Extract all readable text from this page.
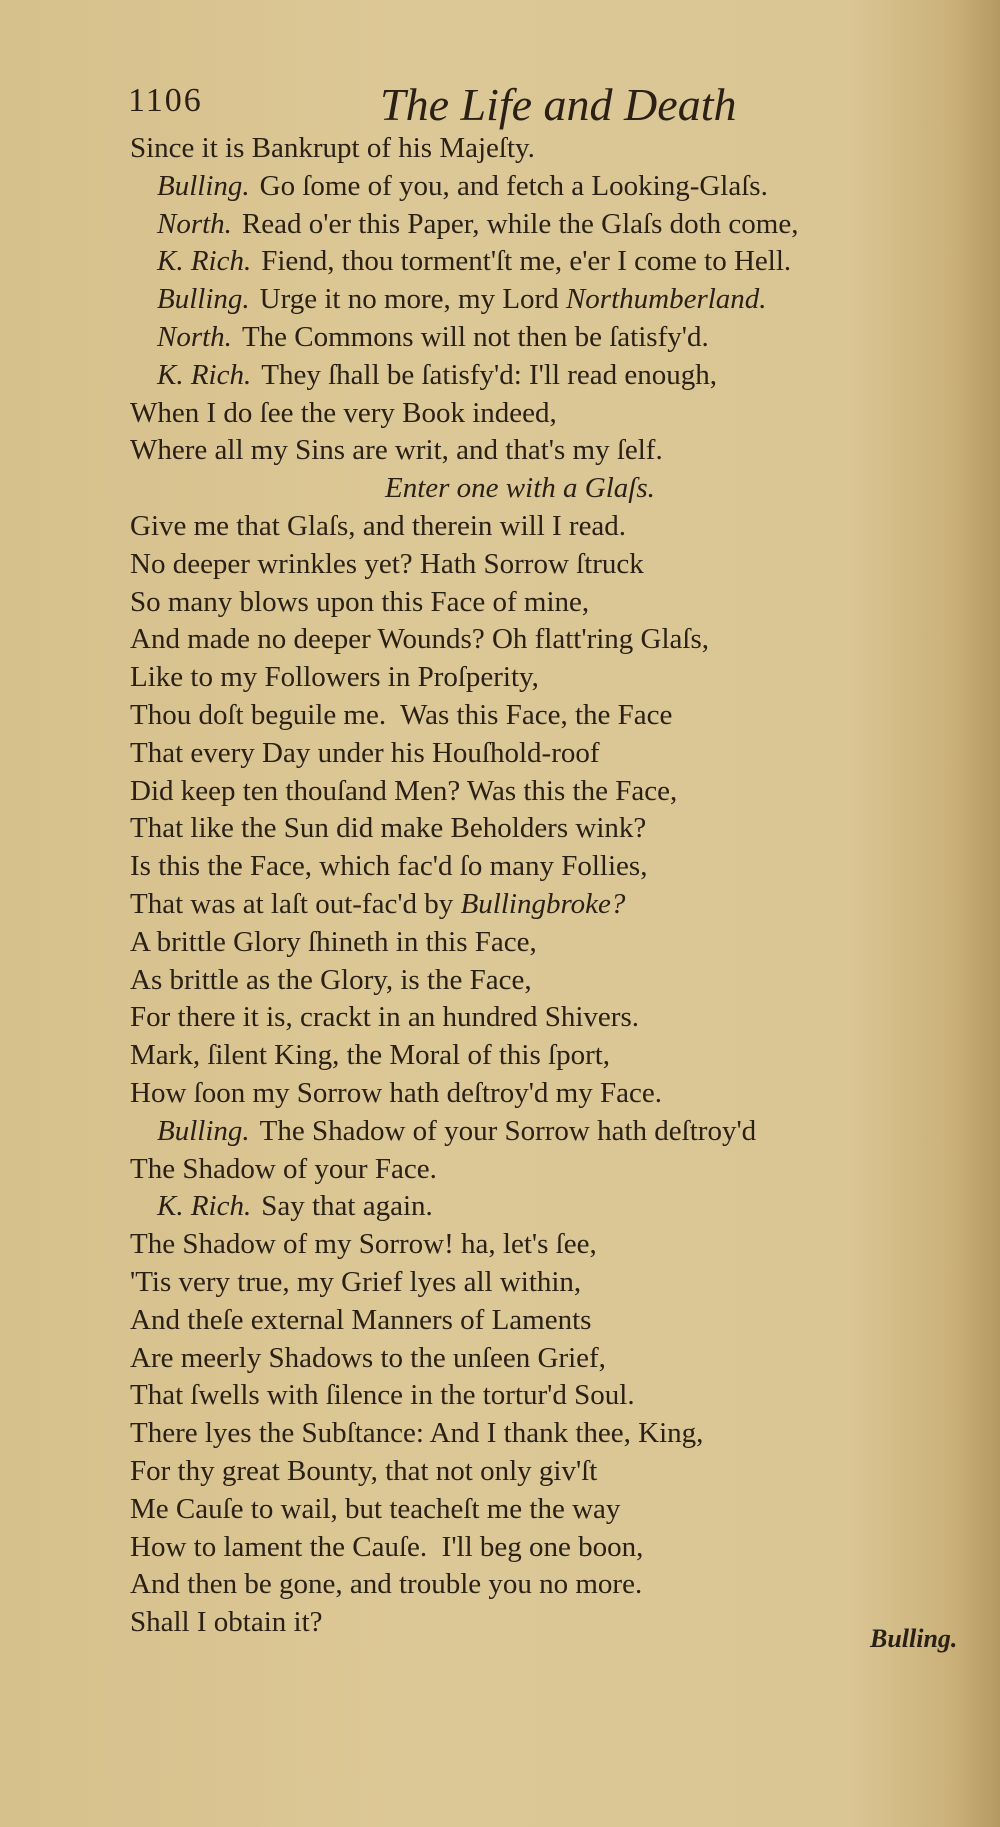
1106	The Life and Death
Since it is Bankrupt of his Majeſty.
Bulling. Go ſome of you, and fetch a Looking-Glaſs.
North. Read o'er this Paper, while the Glaſs doth come,
K. Rich. Fiend, thou torment'ſt me, e'er I come to Hell.
Bulling. Urge it no more, my Lord Northumberland.
North. The Commons will not then be ſatisfy'd.
K. Rich. They ſhall be ſatisfy'd: I'll read enough,
When I do ſee the very Book indeed,
Where all my Sins are writ, and that's my ſelf.
Enter one with a Glaſs.
Give me that Glaſs, and therein will I read.
No deeper wrinkles yet? Hath Sorrow ſtruck
So many blows upon this Face of mine,
And made no deeper Wounds? Oh flatt'ring Glaſs,
Like to my Followers in Proſperity,
Thou doſt beguile me.  Was this Face, the Face
That every Day under his Houſhold-roof
Did keep ten thouſand Men? Was this the Face,
That like the Sun did make Beholders wink?
Is this the Face, which fac'd ſo many Follies,
That was at laſt out-fac'd by Bullingbroke?
A brittle Glory ſhineth in this Face,
As brittle as the Glory, is the Face,
For there it is, crackt in an hundred Shivers.
Mark, ſilent King, the Moral of this ſport,
How ſoon my Sorrow hath deſtroy'd my Face.
Bulling. The Shadow of your Sorrow hath deſtroy'd
The Shadow of your Face.
K. Rich. Say that again.
The Shadow of my Sorrow! ha, let's ſee,
'Tis very true, my Grief lyes all within,
And theſe external Manners of Laments
Are meerly Shadows to the unſeen Grief,
That ſwells with ſilence in the tortur'd Soul.
There lyes the Subſtance: And I thank thee, King,
For thy great Bounty, that not only giv'ſt
Me Cauſe to wail, but teacheſt me the way
How to lament the Cauſe.  I'll beg one boon,
And then be gone, and trouble you no more.
Shall I obtain it?
Bulling.
